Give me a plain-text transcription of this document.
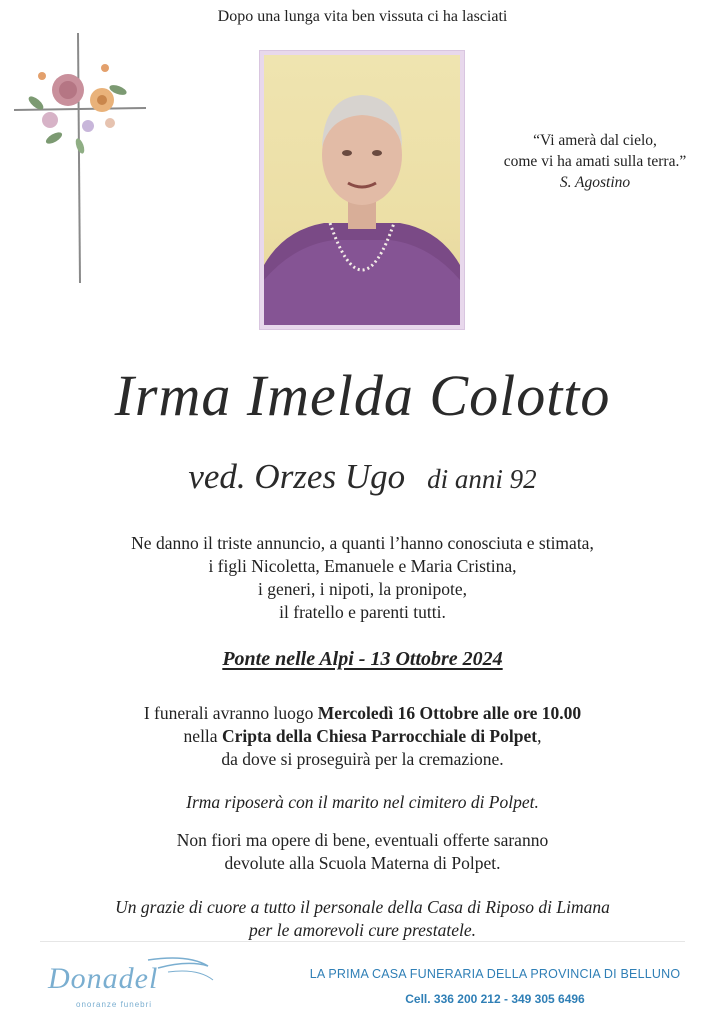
Dopo una lunga vita ben vissuta ci ha lasciati
“Vi amerà dal cielo,
come vi ha amati sulla terra.”
S. Agostino
Irma Imelda Colotto
ved. Orzes Ugo di anni 92
Ne danno il triste annuncio, a quanti l’hanno conosciuta e stimata,
i figli Nicoletta, Emanuele e Maria Cristina,
i generi, i nipoti, la pronipote,
il fratello e parenti tutti.
Ponte nelle Alpi - 13 Ottobre 2024
I funerali avranno luogo Mercoledì 16 Ottobre alle ore 10.00
nella Cripta della Chiesa Parrocchiale di Polpet,
da dove si proseguirà per la cremazione.
Irma riposerà con il marito nel cimitero di Polpet.
Non fiori ma opere di bene, eventuali offerte saranno
devolute alla Scuola Materna di Polpet.
Un grazie di cuore a tutto il personale della Casa di Riposo di Limana
per le amorevoli cure prestatele.
Donadel
onoranze funebri
LA PRIMA CASA FUNERARIA DELLA PROVINCIA DI BELLUNO
Cell. 336 200 212 - 349 305 6496
